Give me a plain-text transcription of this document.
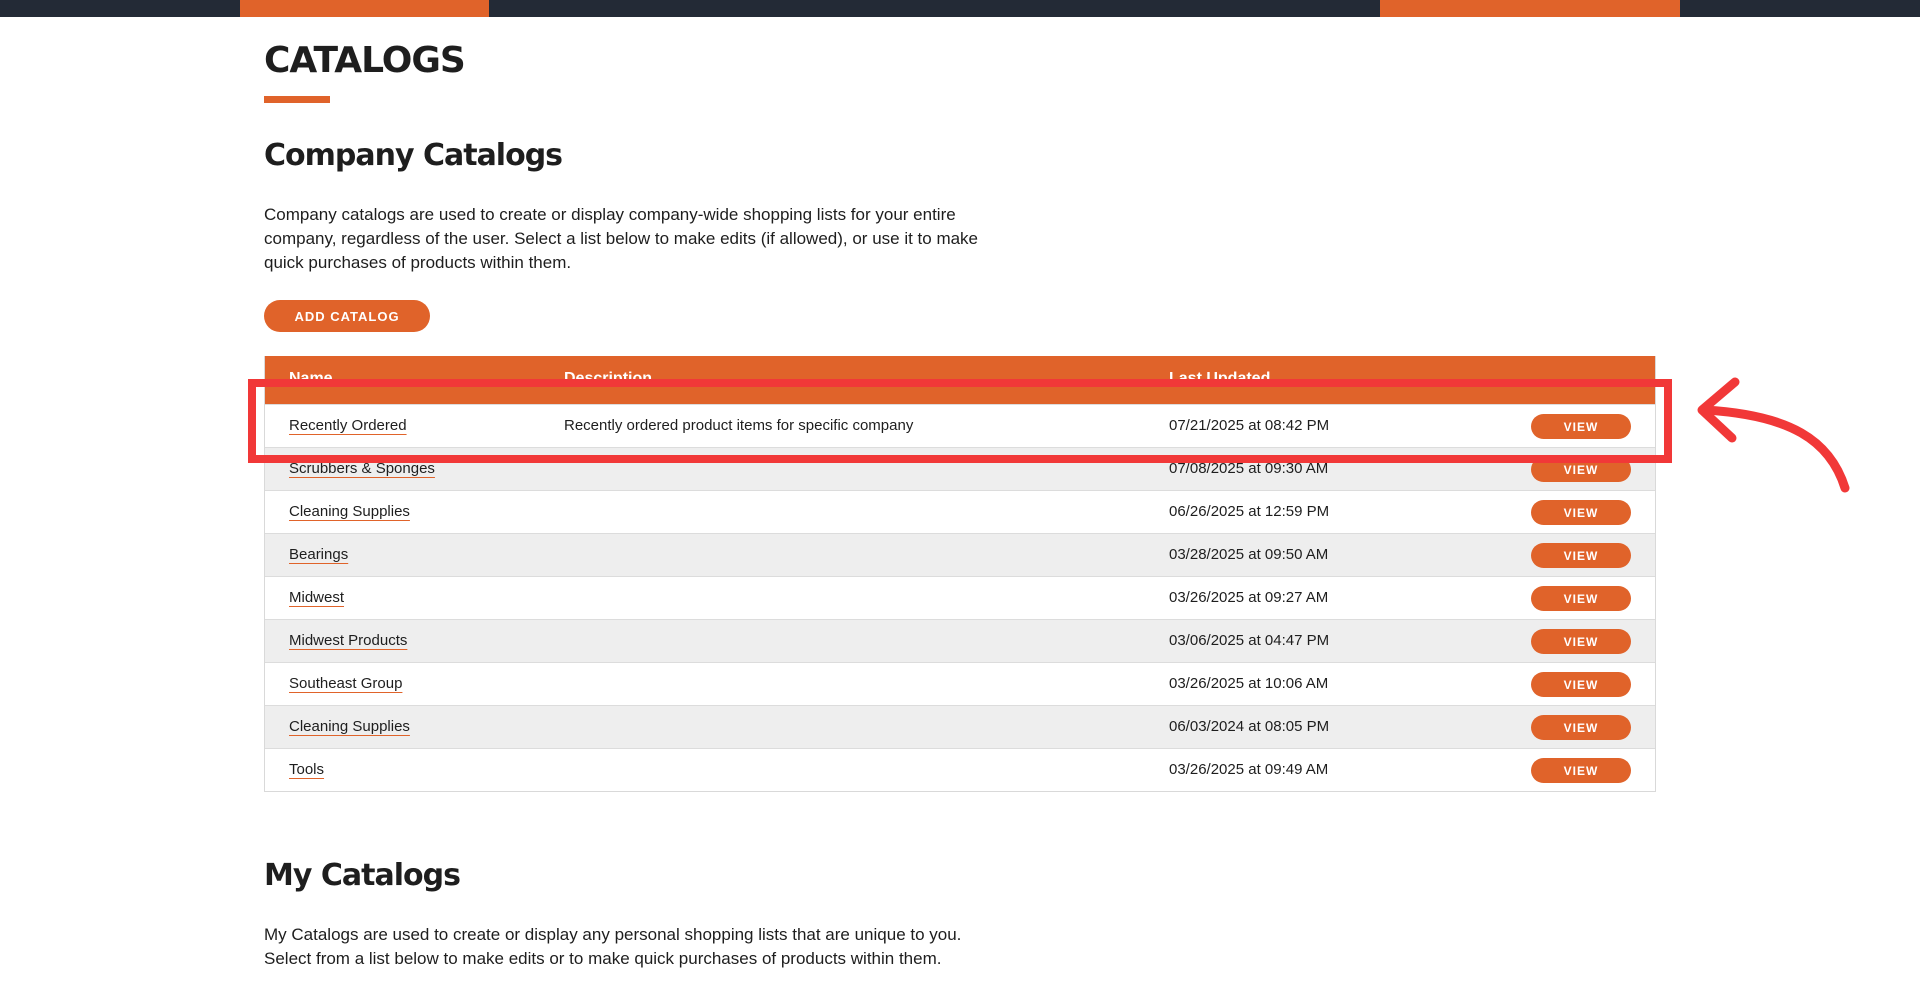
CATALOGS
Company Catalogs

Company catalogs are used to create or display company-wide shopping lists for your entire company, regardless of the user. Select a list below to make edits (if allowed), or use it to make quick purchases of products within them.

ADD CATALOG
Name	Description	Last Updated
Recently Ordered	Recently ordered product items for specific company	07/21/2025 at 08:42 PM	VIEW
Scrubbers & Sponges	07/08/2025 at 09:30 AM	VIEW
Cleaning Supplies	06/26/2025 at 12:59 PM	VIEW
Bearings	03/28/2025 at 09:50 AM	VIEW
Midwest	03/26/2025 at 09:27 AM	VIEW
Midwest Products	03/06/2025 at 04:47 PM	VIEW
Southeast Group	03/26/2025 at 10:06 AM	VIEW
Cleaning Supplies	06/03/2024 at 08:05 PM	VIEW
Tools	03/26/2025 at 09:49 AM	VIEW
My Catalogs

My Catalogs are used to create or display any personal shopping lists that are unique to you. Select from a list below to make edits or to make quick purchases of products within them.
